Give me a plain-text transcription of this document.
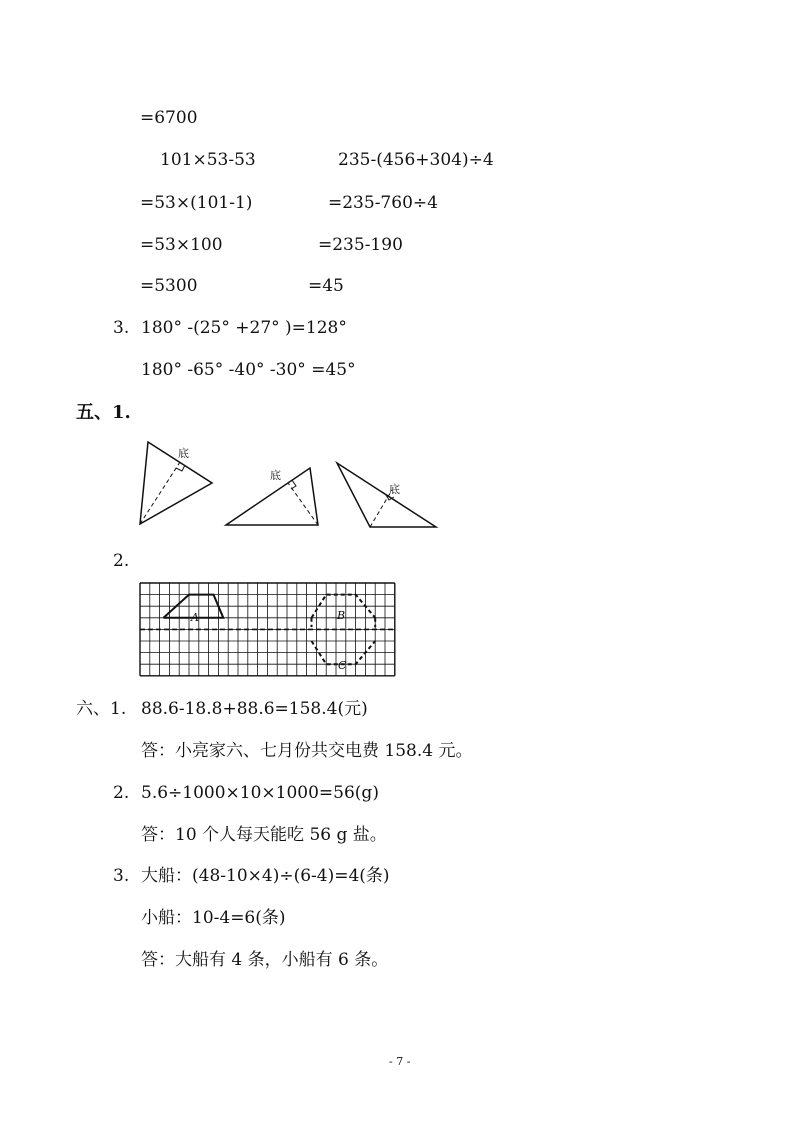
=6700
101×53-53
=53×(101-1)
=53×100
=5300
235-(456+304)÷4
=235-760÷4
=235-190
=45
3. 180° -(25° +27° )=128°
180° -65° -40° -30° =45°
五、1.
底
底
底
2.
A	B
C
六、1. 88.6-18.8+88.6=158.4(元)
答：小亮家六、七月份共交电费 158.4 元。
2. 5.6÷1000×10×1000=56(g)
答：10 个人每天能吃 56 g 盐。
3. 大船：(48-10×4)÷(6-4)=4(条)
小船：10-4=6(条)
答：大船有 4 条，小船有 6 条。
- 7 -
